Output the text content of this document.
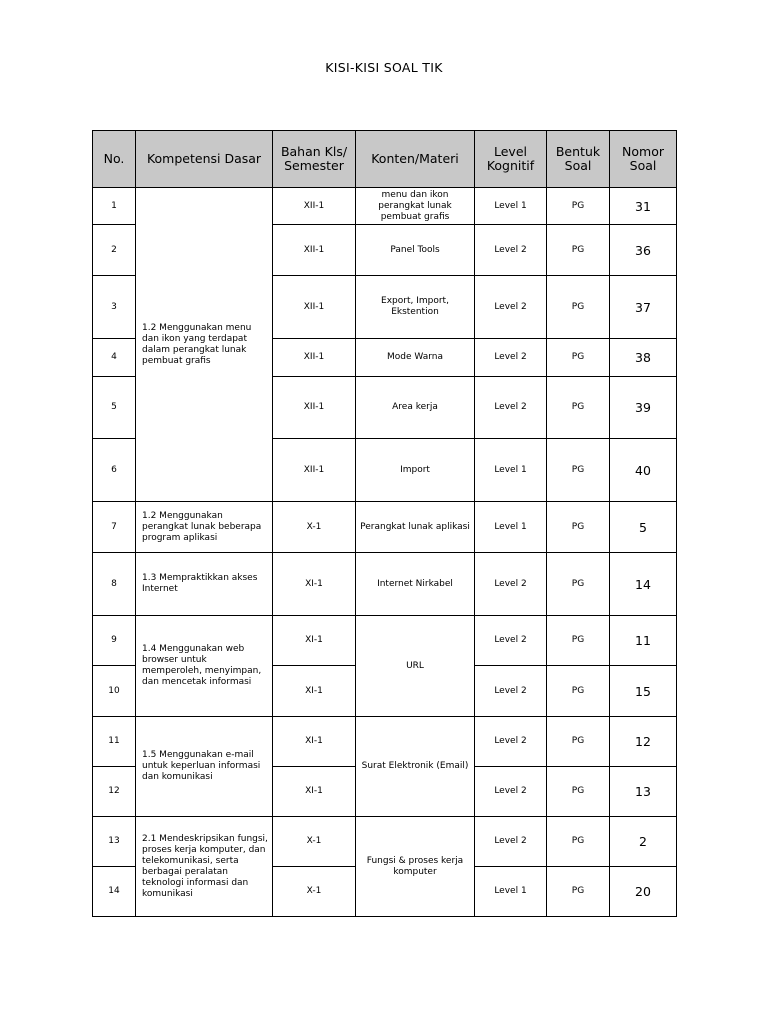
KISI-KISI SOAL TIK
No.	Kompetensi Dasar	Bahan Kls/ Semester	Konten/Materi	Level Kognitif	Bentuk Soal	Nomor Soal
1	1.2 Menggunakan menu dan ikon yang terdapat dalam perangkat lunak pembuat grafis	XII-1	menu dan ikon perangkat lunak pembuat grafis	Level 1	PG	31
2		XII-1	Panel Tools	Level 2	PG	36
3		XII-1	Export, Import, Ekstention	Level 2	PG	37
4		XII-1	Mode Warna	Level 2	PG	38
5		XII-1	Area kerja	Level 2	PG	39
6		XII-1	Import	Level 1	PG	40
7	1.2 Menggunakan perangkat lunak beberapa program aplikasi	X-1	Perangkat lunak aplikasi	Level 1	PG	5
8	1.3 Mempraktikkan akses Internet	XI-1	Internet Nirkabel	Level 2	PG	14
9	1.4 Menggunakan web browser untuk memperoleh, menyimpan, dan mencetak informasi	XI-1	URL	Level 2	PG	11
10		XI-1		Level 2	PG	15
11	1.5 Menggunakan e-mail untuk keperluan informasi dan komunikasi	XI-1	Surat Elektronik (Email)	Level 2	PG	12
12		XI-1		Level 2	PG	13
13	2.1 Mendeskripsikan fungsi, proses kerja komputer, dan telekomunikasi, serta berbagai peralatan teknologi informasi dan komunikasi	X-1	Fungsi & proses kerja komputer	Level 2	PG	2
14		X-1		Level 1	PG	20
